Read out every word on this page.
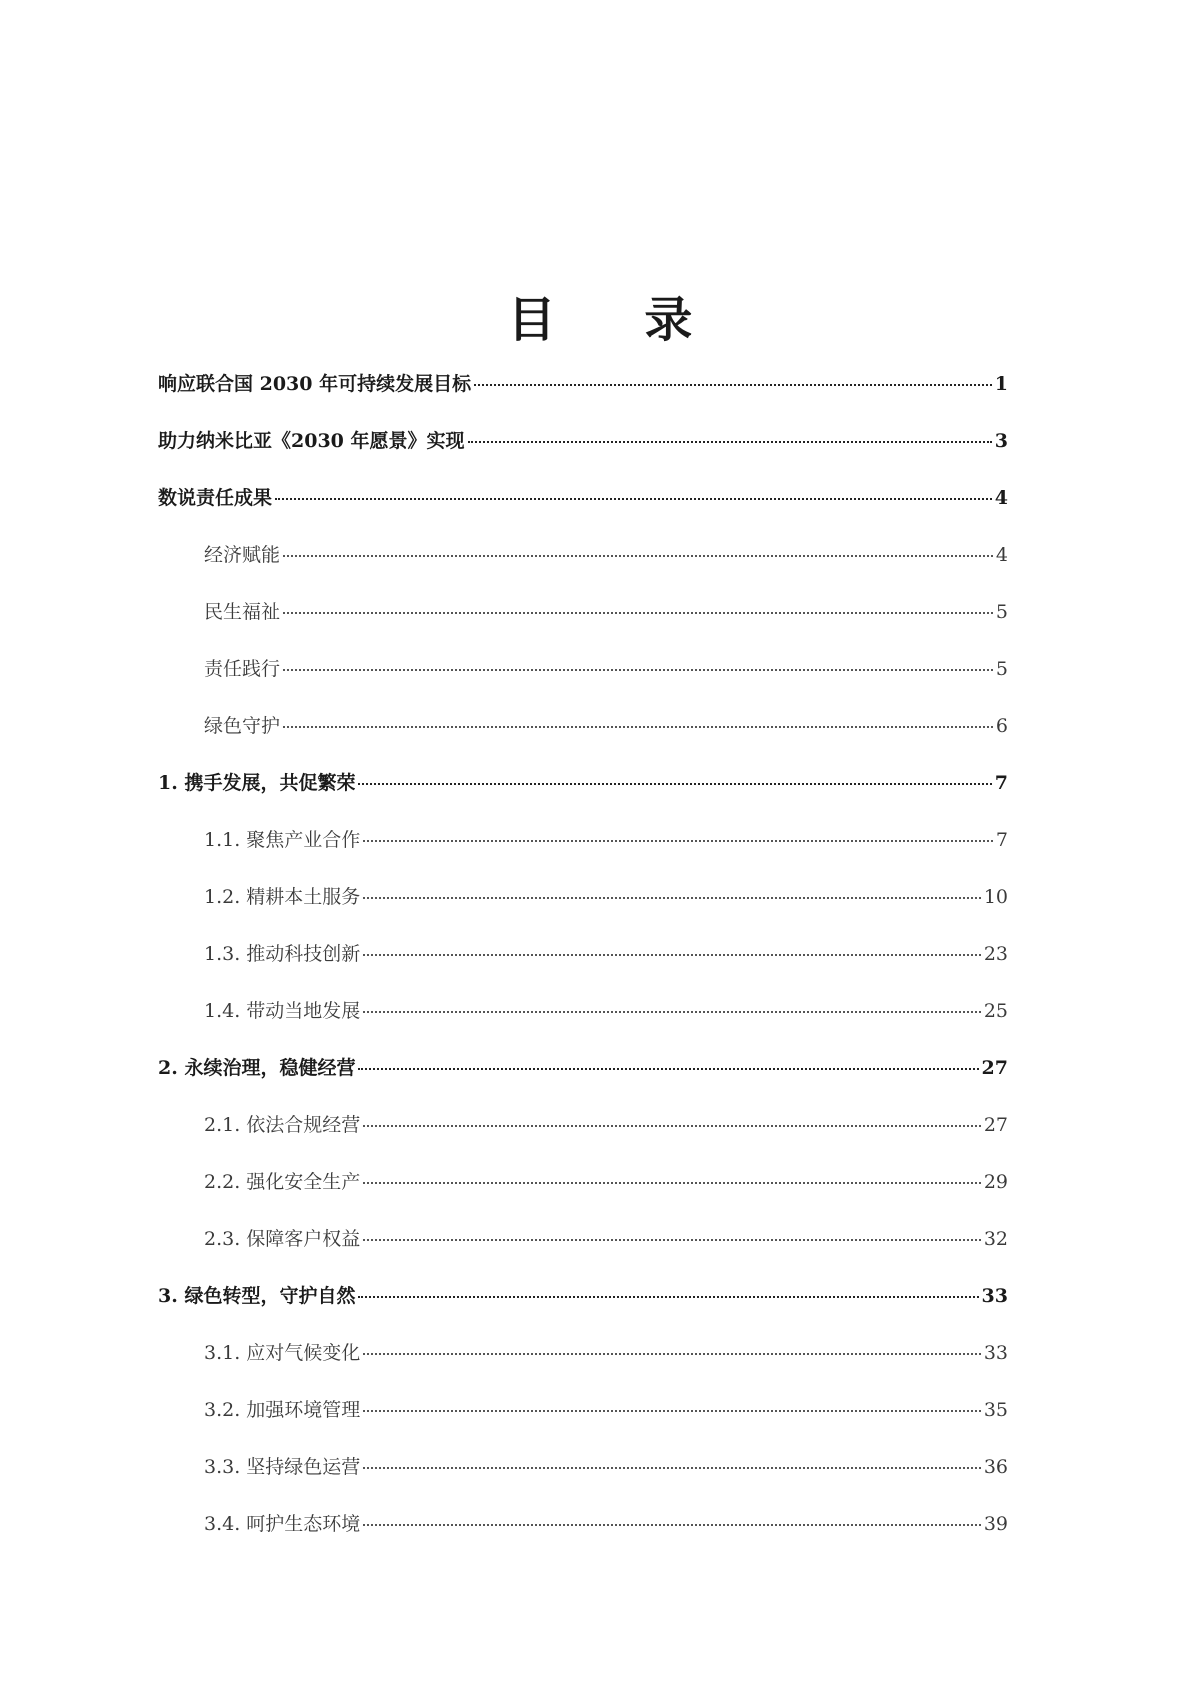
目 录
响应联合国 2030 年可持续发展目标	1
助力纳米比亚《2030 年愿景》实现	3
数说责任成果	4
经济赋能	4
民生福祉	5
责任践行	5
绿色守护	6
1. 携手发展，共促繁荣	7
1.1. 聚焦产业合作	7
1.2. 精耕本土服务	10
1.3. 推动科技创新	23
1.4. 带动当地发展	25
2. 永续治理，稳健经营	27
2.1. 依法合规经营	27
2.2. 强化安全生产	29
2.3. 保障客户权益	32
3. 绿色转型，守护自然	33
3.1. 应对气候变化	33
3.2. 加强环境管理	35
3.3. 坚持绿色运营	36
3.4. 呵护生态环境	39
